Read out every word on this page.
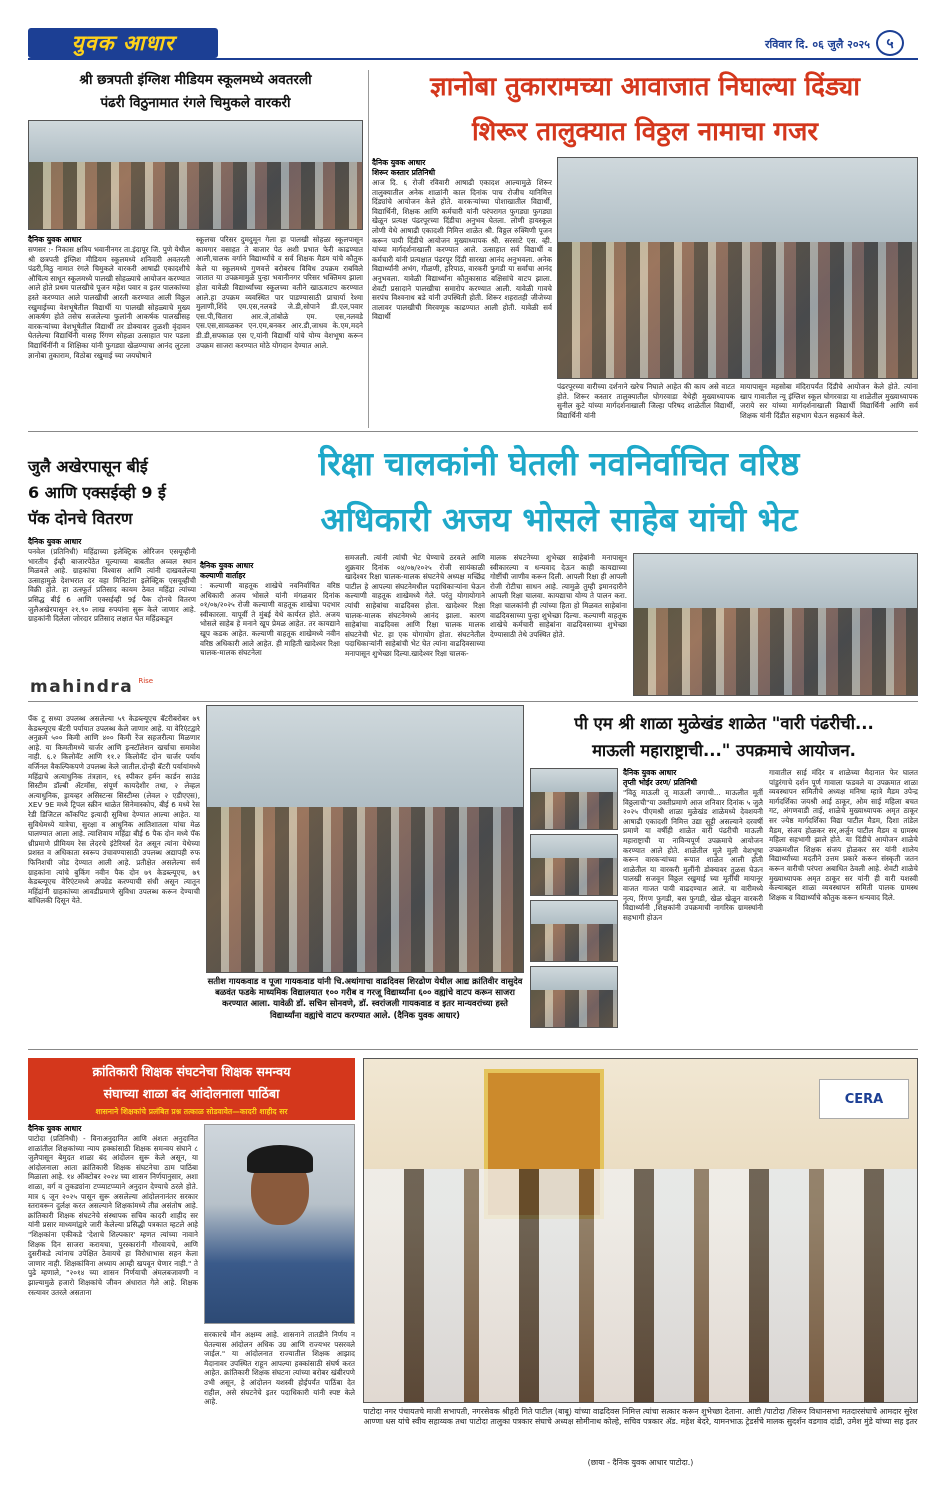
युवक आधार	रविवार दि. ०६ जुलै २०२५ ५
श्री छत्रपती इंग्लिश मीडियम स्कूलमध्ये अवतरली
पंढरी विठुनामात रंगले चिमुकले वारकरी
दैनिक युवक आधार
सणसर :- निकास क्षत्रिय भवानीनगर ता.इंदापूर जि. पुणे येथील श्री छत्रपती इंग्लिश मीडियम स्कूलमध्ये शनिवारी अवतरली पंढरी,विठु नामात रंगले चिमुकले वारकरी आषाढी एकादशीचे औचित्य साधून स्कूलमध्ये पालखी सोहळ्याचे आयोजन करण्यात आले होते प्रथम पालखीचे पूजन महेश पवार व इतर पालकांच्या हस्ते करण्यात आले पालखीची आरती करण्यात आली विठ्ठल रखुमाईच्या वेशभूषेतील विद्यार्थी या पालखी सोहळ्याचे मुख्य आकर्षण होते तसेच सजलेल्या फुलांनी आकर्षक पालखीसह वारकऱ्यांच्या वेशभूषेतील विद्यार्थी तर डोक्यावर तुळशी वृंदावन घेतलेल्या विद्यार्थिनी यासह रिंगण सोहळा उत्साहात पार पडला विद्यार्थिनींनी व शिक्षिका यांनी फुगड्या खेळण्याचा आनंद लुटला ज्ञानोबा तुकाराम, विठोबा रखुमाई च्या जयघोषाने
स्कूलचा परिसर दुमदुमून गेला हा पालखी सोहळा स्कूलपासून कामगार वसाहत ते बाजार पेठ अशी प्रभात फेरी काढण्यात आली,चालक वर्गाने विद्यार्थ्यांचे व सर्व शिक्षक मैडम यांचे कौतुक केले या स्कूलमध्ये गुणवत्ते बरोबरच विविध उपक्रम राबविले जातात या उपक्रमामुळे पुन्हा भवानीनगर परिसर भक्तिमय झाला होता यावेळी विद्यार्थ्यांच्या स्कूलच्या वतीने खाऊवाटप करण्यात आले.हा उपक्रम व्यवस्थित पार पाडण्यासाठी प्राचार्या रेश्मा मुलाणी,शिंदे एम.एस,नलवडे जे.डी,सोपाने डी.एल,पवार एस.पी,चितारा आर.जे,तांबोळे एम. एस,नलवडे एस.एस,सावळकर एन.एम,बनकर आर.डी,जाधव के.एम,मदने डी.डी,सपकाळ एस ए,यांनी विद्यार्थी यांचे योग्य वेशभूषा करून उपक्रम साजरा करण्यात मोठे योगदान देण्यात आले.
ज्ञानोबा तुकारामच्या आवाजात निघाल्या दिंड्या
शिरूर तालुक्यात विठ्ठल नामाचा गजर
दैनिक युवक आधार
शिरूर कस्तार प्रतिनिधी
आज दि. ६ रोजी रविवारी आषाढी एकादश आल्यामुळे शिरूर तालुक्यातील अनेक शाळांनी काल दिनांक पाच रोजीच यानिमित्त दिंड्यांचे आयोजन केले होते. वारकऱ्यांच्या पोशाखातील विद्यार्थी, विद्यार्थिनी, शिक्षक आणि कर्मचारी यांनी परंपरागत फुगड्या फुगड्या खेळून प्रत्यक्ष पंढरपूरच्या दिंडीचा अनुभव घेतला. लोणी हायस्कूल लोणी येथे आषाढी एकादशी निमित्त शाळेत श्री. विठ्ठल रुक्मिणी पूजन करून पायी दिंडीचे आयोजन मुख्याध्यापक श्री. सरसाटे एस. व्ही. यांच्या मार्गदर्शनाखाली करण्यात आले. उत्साहात सर्व विद्यार्थी व कर्मचारी यांनी प्रत्यक्षात पंढरपूर दिंडी सारखा आनंद अनुभवला. अनेक विद्यार्थ्यांनी अभंग, गौळणी, हरिपाठ, वारकरी फुगडी या सर्वांचा आनंद अनुभवला. यावेळी विद्यार्थ्यांना कौतुकासाठ बक्षिसांचे वाटप झाला. शेवटी प्रसादाने पालखीचा समारोप करण्यात आली. यावेळी गावचे सरपंच विश्वनाथ बडे यांनी उपस्थिती होती. शिरूर शहरातही जीजेच्या तालावर पालखीची मिरवणूक काढण्यात आली होती. यावेळी सर्व विद्यार्थी
पंढरपूरच्या वारीच्या दर्शनाने खरेच निघाले आहेत की काय असे वाटत होते. शिरूर कस्तार तालुक्यातील घोगरवाडा येथेही मुख्याध्यापक सुनील कुटे यांच्या मार्गदर्शनाखाली जिल्हा परिषद शाळेतील विद्यार्थी, विद्यार्थिनी यांनी
मायापासून महसोबा मंदिरापर्यंत दिंडीचे आयोजन केले होते. त्यांना खाप गावातील न्यू इंग्लिश स्कूल घोगरवाडा या शाळेतील मुख्याध्यापक जराये सर यांच्या मार्गदर्शनाखाली विद्यार्थी विद्यार्थिनी आणि सर्व शिक्षक यांनी दिंडीत सहभाग घेऊन सहकार्य केले.
जुलै अखेरपासून बीई
6 आणि एक्सईव्ही 9 ई
पॅक दोनचे वितरण
दैनिक युवक आधार
पनवेल (प्रतिनिधी) महिंद्राच्या इलेक्ट्रिक ओरिजन एसयूव्हीनी भारतीय ईव्ही बाजारपेठेत मूल्याच्या बाबतीत अव्वल स्थान मिळवले आहे. ग्राहकांचा विश्वास आणि त्यांनी दाखवलेल्या उत्साहामुळे देशभरात दर वहा मिनिटांना इलेक्ट्रिक एसयूव्हीची विक्री होते. हा उत्स्फूर्त प्रतिसाद कायम ठेवत महिंद्रा त्यांच्या प्रसिद्ध बीई 6 आणि एक्सईव्ही 9ई पैक दोनचे वितरण जुलैअखेरपासून २१.९० लाख रुपयांना सुरू केले जाणार आहे. ग्राहकांनी दिलेला जोरदार प्रतिसाद लक्षात घेत महिंद्रकडून
mahindra $^{Rise}$
रिक्षा चालकांनी घेतली नवनिर्वाचित वरिष्ठ
अधिकारी अजय भोसले साहेब यांची भेट
दैनिक युवक आधार
कल्याणी वार्ताहर
: कल्याणी वाहतूक शाखेचे नवनिर्वाचित वरिष्ठ अधिकारी अजय भोसले यांनी मंगळवार दिनांक ०१/०७/२०२५ रोजी कल्याणी वाहतूक शाखेचा पदभार स्वीकारला. यापूर्वी ते मुंबई येथे कार्यरत होते. अजय भोसले साहेब हे मनाने खूप प्रेमळ आहेत. तर कायद्याने खूप कडक आहेत. कल्याणी वाहतूक शाखेमध्ये नवीन वरिष्ठ अधिकारी आले आहेत. ही माहिती खादेश्वर रिक्षा चालक-मालक संघटनेला
समजली. त्यांनी त्यांची भेट घेण्याचे ठरवले आणि शुक्रवार दिनांक ०४/०७/२०२५ रोजी सायंकाळी खादेश्वर रिक्षा चालक-मालक संघटनेचे अध्यक्ष मच्छिंद्र पाटील हे आपल्या संघटनेमधील पदाधिकाऱ्यांना घेऊन कल्याणी वाहतूक शाखेमध्ये गेले. परंतु योगायोगाने त्यांची साहेबांचा वाढदिवस होता. खादेश्वर रिक्षा चालक-मालक संघटनेमध्ये आनंद झाला. कारण साहेबांचा वाढदिवस आणि रिक्षा चालक मालक संघटनेची भेट. हा एक योगायोग होता. संघटनेतील पदाधिकाऱ्यांनी साहेबांची भेट घेत त्यांना वाढदिवसाच्या मनापासून शुभेच्छा दिल्या.खादेश्वर रिक्षा चालक-
मालक संघटनेच्या शुभेच्छा साहेबांनी मनापासून स्वीकारल्या व धन्यवाद देऊन काही कायद्याच्या गोष्टींची जाणीव करून दिली. आपली रिक्षा ही आपली रोजी रोटीचा साधन आहे. त्यामुळे तुम्ही इमानदारीने आपली रिक्षा चालवा. कायद्याचा योग्य ते पालन करा. रिक्षा चालकांनी ही त्यांच्या हिता हो मिळवत साहेबांना वाढदिवसाच्या पुन्हा शुभेच्छा दिल्या. कल्याणी वाहतूक शाखेचे कर्मचारी साहेबांना वाढदिवसाच्या शुभेच्छा देण्यासाठी तेथे उपस्थित होते.
पॅक टू सध्या उपलब्ध असलेल्या ५९ केडब्ल्यूएच बॅटरीबरोबर ७९ केडब्ल्यूएच बॅटरी पर्यायात उपलब्ध केले जाणार आहे. या वेरिएंटद्वारे अनुक्रमे ५०० किमी आणि ४०० किमी रेंज सहजरीत्या मिळणार आहे. या किमतीमध्ये चार्जर आणि इन्स्टॉलेशन खर्चाचा समावेश नाही. ६.२ किलोवॅट आणि ११.२ किलोवॅट दोन चार्जर पर्याय वर्जिनल वैकल्पिकपणे उपलब्ध केले जातील.दोन्ही बॅटरी पर्यायांमध्ये महिंद्राचे अत्याधुनिक तंत्रज्ञान, १६ स्पीकर हर्मन कार्डन साउंड सिस्टीम डॉल्बी ॲटमॉस, संपूर्ण कायदेशीर तथा, २ लेव्हल अत्याधुनिक, ड्रायव्हर असिस्टन्स सिस्टीम्स (लेवल २ एडीएएस), XEV 9E मध्ये ट्रिपल स्क्रीन थाळेत सिनेमास्कोप, बीई 6 मध्ये रेस रेडी डिजिटल कॉकपिट इत्यादी सुविधा देण्यात आल्या आहेत. या सुविधेमध्ये यात्रेचा, सुरक्षा व आधुनिक आतिशातला यांचा मेळ घालण्यात आला आहे. त्याशिवाय महिंद्रा बीई 6 पैक दोन मध्ये पॅक थ्रीप्रमाणे प्रीमियम रेस लेदरचे इंटेरियर्स देत असून त्यांना येथेच्या प्रशस्त व अधिकाता स्वरूप उंचावण्यासाठी उपलब्ध अद्यापही रुफ फिनिशची जोड देण्यात आली आहे. प्रतीक्षेत असलेल्या सर्व ग्राहकांना त्यांचे बुकिंग नवीन पैक दोन ७९ केडब्ल्यूएच, ७९ केडब्ल्यूएच वेरिएंटमध्ये अपग्रेड करण्याची संधी असून त्यातून महिंद्रांनी ग्राहकांच्या आवडीप्रमाणे सुविधा उपलब्ध करून देण्याची बांधिलकी दिसून येते.
सतीश गायकवाड व पूजा गायकवाड यांनी चि.अथांगाचा वाढदिवस शिरढोण येथील आद्य क्रांतिवीर वासुदेव बळवंत फडके माध्यमिक विद्यालयात १०० गरीब व गरजू विद्यार्थ्यांना ६०० वह्यांचे वाटप करून साजरा करण्यात आला. यावेळी डॉ. सचिन सोनवणे, डॉ. स्वरांजली गायकवाड व इतर मान्यवरांच्या हस्ते विद्यार्थ्यांना वह्यांचे वाटप करण्यात आले. (दैनिक युवक आधार)
पी एम श्री शाळा मुळेखंड शाळेत "वारी पंढरीची...
माऊली महाराष्ट्राची..." उपक्रमाचे आयोजन.
दैनिक युवक आधार
तृप्ती भोईर उरण/ प्रतिनिधी
"विठू माऊली तू माऊली जगाची... माऊलीत मूर्ती विठ्ठलाची"या उक्तीप्रमाणे आज शनिवार दिनांक ५ जुलै २०२५ पीएमश्री शाळा मुळेखंड शाळेमध्ये देवशयनी आषाढी एकादशी निमित्त उद्या सुट्टी असल्याने दरवर्षी प्रमाणे या वर्षीही शाळेत वारी पंढरीची माऊली महाराष्ट्राची या नाविन्यपूर्ण उपक्रमाचे आयोजन करण्यात आले होते. शाळेतील मुले मुली वेशभूषा करून वारकऱ्यांच्या रूपात शाळेत आली होती शाळेतील या वारकरी मुलींनी डोक्यावर तुळस घेऊन पालखी सजवून विठ्ठल रखुमाई च्या मूर्तींची मायानूर वाजत गाजत पायी वाढदण्यात आले. या वारीमध्ये नृत्य, रिंगण फुगडी, बस फुगडी, खेळ खेळून वारकरी विद्यार्थ्यांनी ,शिक्षकांनी उपक्रमाची नागरिक ग्रामस्थांनी सहभागी होऊन
गावातील साई मंदिर व शाळेच्या मैदानात फेर घालत पांडुरंगाचे दर्शन पूर्ण गावाला फडवले या उपक्रमात शाळा व्यवस्थापन समितीचे अध्यक्ष मनिषा म्हात्रे मैडम उपेन्द्र मार्गदर्शिका जयश्री आई ठाकूर, ओम साई महिला बचत गट, अंगणवाडी ताई, शाळेचे मुख्याध्यापक अमृत ठाकूर सर ज्येष्ठ मार्गदर्शिका विद्या पाटील मैडम, दिशा तांडेल मैडम, संजय होळकर सर,अर्जुन पाटील मैडम व ग्रामस्थ महिला सहभागी झाले होते. या दिंडीचे आयोजन शाळेचे उपक्रमशील शिक्षक संजय होळकर सर यांनी शालेय विद्यार्थ्यांच्या मदतीने उत्तम प्रकारे करून संस्कृती जतन करून वारीची परंपरा अबाधित ठेवली आहे. शेवटी शाळेचे मुख्याध्यापक अमृत ठाकूर सर यांनी ही वारी यशस्वी केल्याबद्दल शाळा व्यवस्थापन समिती पालक ग्रामस्थ शिक्षक व विद्यार्थ्यांचे कौतुक करून धन्यवाद दिले.
क्रांतिकारी शिक्षक संघटनेचा शिक्षक समन्वय
संघाच्या शाळा बंद आंदोलनाला पाठिंबा
शासनाने शिक्षकांचे प्रलंबित प्रश्न तत्काळ सोडवावेत—कादरी शाहीद सर
दैनिक युवक आधार
पाटोदा (प्रतिनिधी) - विनाअनुदानित आणि अंशतः अनुदानित शाळांतील शिक्षकांच्या न्याय हक्कांसाठी शिक्षक समन्वय संघाने ८ जुलैपासून बेमुदत शाळा बंद आंदोलन सुरू केले असून, या आंदोलनाला आता क्रांतिकारी शिक्षक संघटनेचा ठाम पाठिंबा मिळाला आहे. १४ ऑक्टोबर २०२४ च्या शासन निर्णयानुसार, अशा शाळा, वर्ग व तुकड्यांना टप्प्याटप्प्याने अनुदान देण्याचे ठरले होते. मात्र ६ जून २०२५ पासून सुरू असलेल्या आंदोलनानंतर सरकार स्तरावरून दुर्लक्ष करत असल्याने शिक्षकांमध्ये तीव्र असंतोष आहे. क्रांतिकारी शिक्षक संघटनेचे संस्थापक सचिव कादरी शाहीद सर यांनी प्रसार माध्यमांद्वारे जारी केलेल्या प्रसिद्धी पत्रकात म्हटले आहे "शिक्षकांना एकीकडे 'देशाचे शिल्पकार' म्हणत त्यांच्या नावाने शिक्षक दिन साजरा करायचा, पुरस्कारांनी गौरवायचे, आणि दुसरीकडे त्यांनाच उपेक्षित ठेवायचे हा विरोधाभास सहन केला जाणार नाही. शिक्षकांविना अध्याय आम्ही खपवून घेणार नाही." ते पुढे म्हणाले, "२०१४ च्या शासन निर्णयाची अंमलबजावणी न झाल्यामुळे हजारो शिक्षकांचे जीवन अंधारात गेले आहे. शिक्षक रस्त्यावर उतरले असताना
सरकारचे मौन अक्षम्य आहे. शासनाने तातडीने निर्णय न घेतल्यास आंदोलन अधिक उग्र आणि राज्यभर पसरवले जाईल." या आंदोलनात राज्यातील शिक्षक आझाद मैदानावर उपस्थित राहून आपल्या हक्कांसाठी संघर्ष करत आहेत. क्रांतिकारी शिक्षक संघटना त्यांच्या बरोबर खंबीरपणे उभी असून, हे आंदोलन यशस्वी होईपर्यंत पाठिंबा देत राहील, असे संघटनेचे इतर पदाधिकारी यांनी स्पष्ट केले आहे.
CERA
पाटोदा नगर पंचायतचे माजी सभापती, नगरसेवक श्रीहरी गिते पाटील (बाबू) यांच्या वाढदिवस निमित्त त्यांचा सत्कार करून शुभेच्छा देताना. आष्टी /पाटोदा /शिरूर विधानसभा मतदारसंघाचे आमदार सुरेश आण्णा धस यांचे स्वीय सहाय्यक तथा पाटोदा तालुका पत्रकार संघाचे अध्यक्ष सोमीनाथ कोल्हे, सचिव पत्रकार ॲड. महेश बेदरे, यामनभाऊ ट्रेडर्सचे मालक सुदर्शन वडगाव दांडी, उमेश मुंडे यांच्या सह इतर
(छाया - दैनिक युवक आधार पाटोदा.)
